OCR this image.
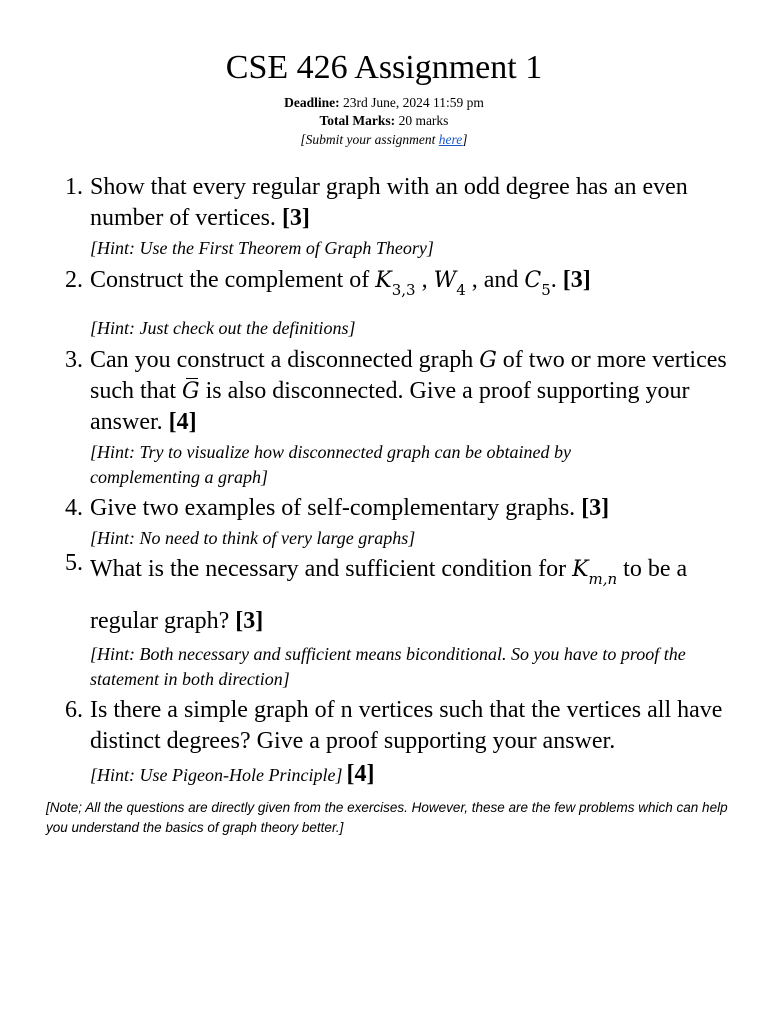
CSE 426 Assignment 1
Deadline: 23rd June, 2024 11:59 pm
Total Marks: 20 marks
[Submit your assignment here]
1. Show that every regular graph with an odd degree has an even number of vertices. [3]
[Hint: Use the First Theorem of Graph Theory]
2. Construct the complement of $K_{3,3}$ , $W_4$ , and $C_5$. [3]
[Hint: Just check out the definitions]
3. Can you construct a disconnected graph G of two or more vertices such that G is also disconnected. Give a proof supporting your answer. [4]
[Hint: Try to visualize how disconnected graph can be obtained by complementing a graph]
4. Give two examples of self-complementary graphs. [3]
[Hint: No need to think of very large graphs]
5. What is the necessary and sufficient condition for $K_{m,n}$ to be a regular graph? [3]
[Hint: Both necessary and sufficient means biconditional. So you have to proof the statement in both direction]
6. Is there a simple graph of n vertices such that the vertices all have distinct degrees? Give a proof supporting your answer.
[Hint: Use Pigeon-Hole Principle] [4]
[Note; All the questions are directly given from the exercises. However, these are the few problems which can help you understand the basics of graph theory better.]
